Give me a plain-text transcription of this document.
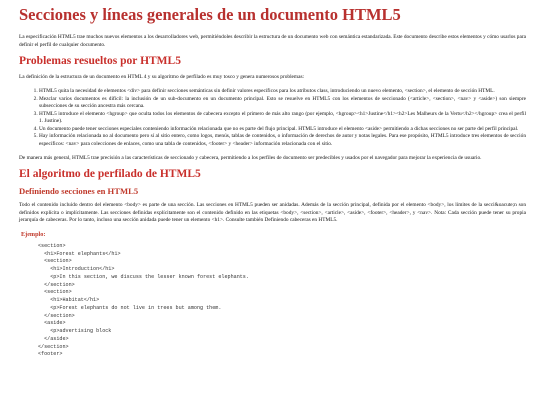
Secciones y líneas generales de un documento HTML5

La especificación HTML5 trae muchos nuevos elementos a los desarrolladores web, permitiéndoles describir la estructura de un documento web con semántica estandarizada. Este documento describe estos elementos y cómo usarlos para definir el perfil de cualquier documento.

Problemas resueltos por HTML5

La definición de la estructura de un documento en HTML 4 y su algoritmo de perfilado es muy tosco y genera numerosos problemas:

1. HTML5 quita la necesidad de elementos <div> para definir secciones semánticas sin definir valores específicos para los atributos class, introduciendo un nuevo elemento, <section>, el elemento de sección HTML.
2. Mezclar varios documentos es difícil: la inclusión de un sub-documento en un documento principal. Esto se resuelve en HTML5 con los elementos de seccionado (<article>, <section>, <nav> y <aside>) son siempre subsecciones de su sección ancestra más cercana.
3. HTML5 introduce el elemento <hgroup> que oculta todos los elementos de cabecera excepto el primero de más alto rango (por ejemplo, <hgroup><h1>Justine</h1><h2>Les Malheurs de la Vertu</h2></hgroup> crea el perfil 1. Justine).
4. Un documento puede tener secciones especiales conteniendo información relacionada que no es parte del flujo principal. HTML5 introduce el elemento <aside> permitiendo a dichas secciones no ser parte del perfil principal.
5. Hay información relacionada no al documento pero sí al sitio entero, como logos, menús, tablas de contenidos, o información de derechos de autor y notas legales. Para ese propósito, HTML5 introduce tres elementos de sección específicos: <nav> para colecciones de enlaces, como una tabla de contenidos, <footer> y <header> información relacionada con el sitio.

De manera más general, HTML5 trae precisión a las características de seccionado y cabecera, permitiendo a los perfiles de documento ser predecibles y usados por el navegador para mejorar la experiencia de usuario.

El algoritmo de perfilado de HTML5
Definiendo secciones en HTML5

Todo el contenido incluido dentro del elemento <body> es parte de una sección. Las secciones en HTML5 pueden ser anidadas. Además de la sección principal, definida por el elemento <body>, los límites de la secci&oacute;n son definidos explícita o implícitamente. Las secciones definidas explícitamente son el contenido definido en las etiquetas <body>, <section>, <article>, <aside>, <footer>, <header>, y <nav>. Nota: Cada sección puede tener su propia jerarquía de cabeceras. Por lo tanto, incluso una sección anidada puede tener un elemento <h1>. Consulte también Definiendo cabeceras en HTML5.

Ejemplo:
<section>
<h1>Forest elephants</h1>
<section>
<h1>Introduction</h1>
<p>In this section, we discuss the lesser known forest elephants.
</section>
<section>
<h1>Habitat</h1>
<p>Forest elephants do not live in trees but among them.
</section>
<aside>
<p>advertising block
</aside>
</section>
<footer>
